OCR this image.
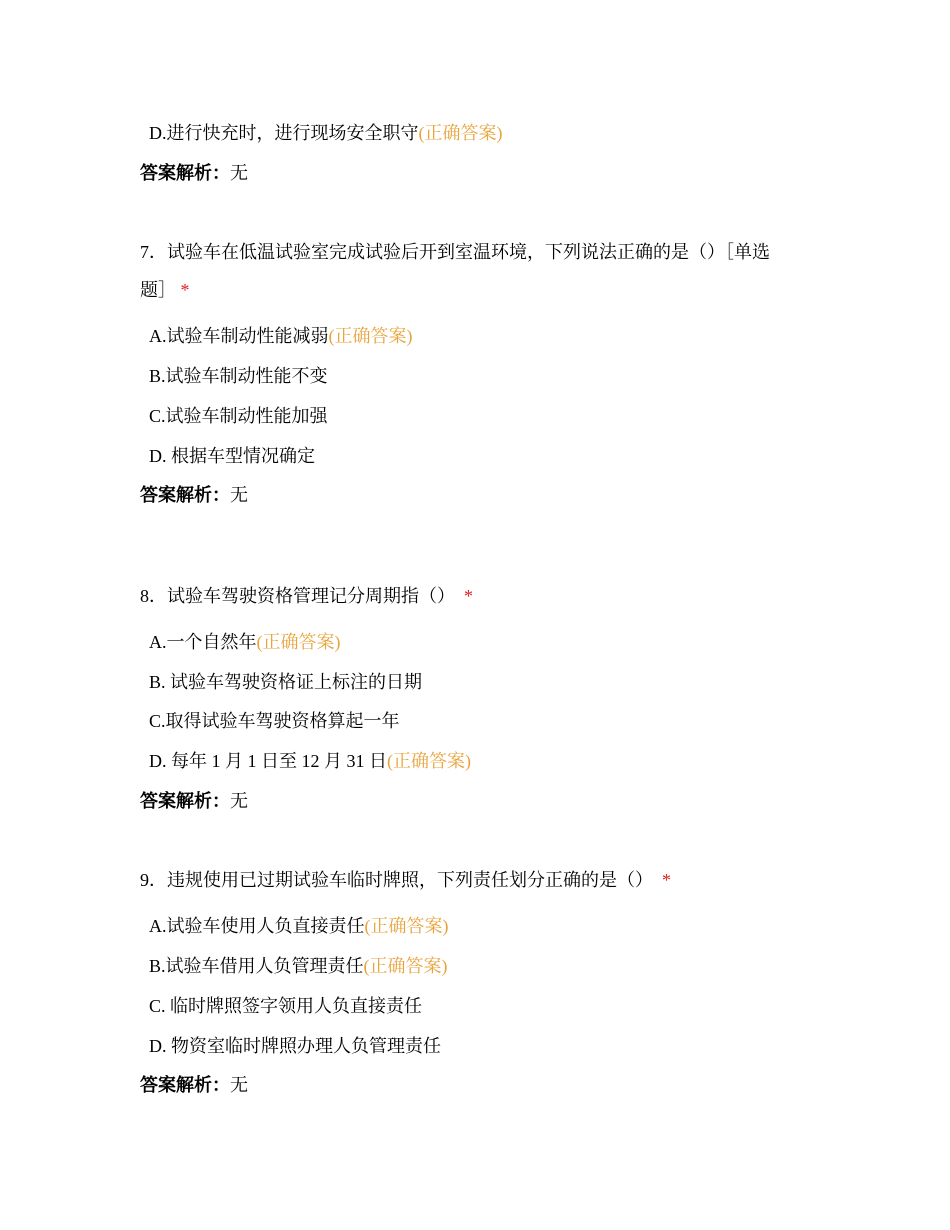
D.进行快充时，进行现场安全职守(正确答案)
答案解析：无
7．试验车在低温试验室完成试验后开到室温环境，下列说法正确的是（）［单选
题］ *
A.试验车制动性能减弱(正确答案)
B.试验车制动性能不变
C.试验车制动性能加强
D. 根据车型情况确定
答案解析：无
8．试验车驾驶资格管理记分周期指（） *
A.一个自然年(正确答案)
B. 试验车驾驶资格证上标注的日期
C.取得试验车驾驶资格算起一年
D. 每年 1 月 1 日至 12 月 31 日(正确答案)
答案解析：无
9．违规使用已过期试验车临时牌照，下列责任划分正确的是（） *
A.试验车使用人负直接责任(正确答案)
B.试验车借用人负管理责任(正确答案)
C. 临时牌照签字领用人负直接责任
D. 物资室临时牌照办理人负管理责任
答案解析：无
